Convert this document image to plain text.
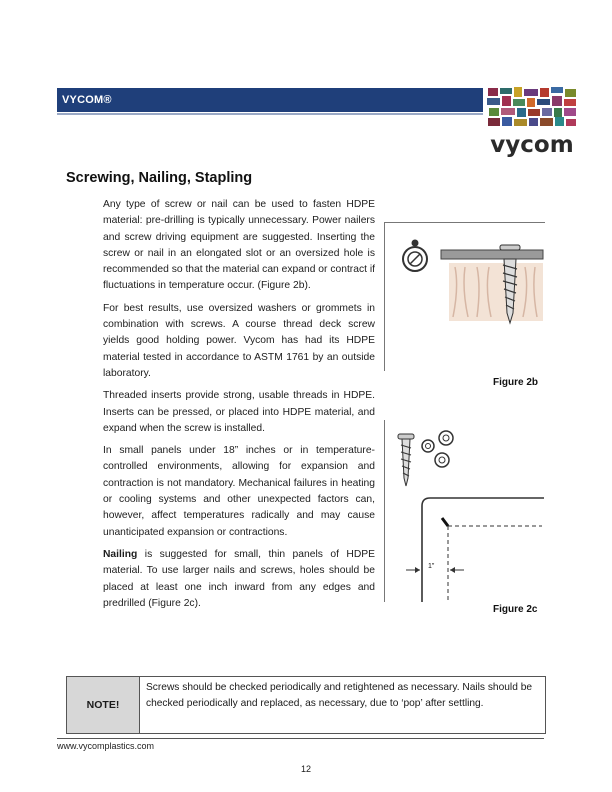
VYCOM®
vycom
Screwing, Nailing, Stapling

Any type of screw or nail can be used to fasten HDPE material: pre-drilling is typically unnecessary. Power nailers and screw driving equipment are suggested. Inserting the screw or nail in an elongated slot or an oversized hole is recommended so that the material can expand or contract if fluctuations in temperature occur. (Figure 2b).

For best results, use oversized washers or grommets in combination with screws. A course thread deck screw yields good holding power. Vycom has had its HDPE material tested in accordance to ASTM 1761 by an outside laboratory.

Threaded inserts provide strong, usable threads in HDPE. Inserts can be pressed, or placed into HDPE material, and expand when the screw is installed.

In small panels under 18” inches or in temperature-controlled environments, allowing for expansion and contraction is not mandatory. Mechanical failures in heating or cooling systems and other unexpected factors can, however, affect temperatures radically and may cause unanticipated expansion or contractions.

Nailing is suggested for small, thin panels of HDPE material. To use larger nails and screws, holes should be placed at least one inch inward from any edges and predrilled (Figure 2c).

Figure 2b
1"
Figure 2c
NOTE!
Screws should be checked periodically and retightened as necessary. Nails should be checked periodically and replaced, as necessary, due to ‘pop’ after settling.
www.vycomplastics.com
12
